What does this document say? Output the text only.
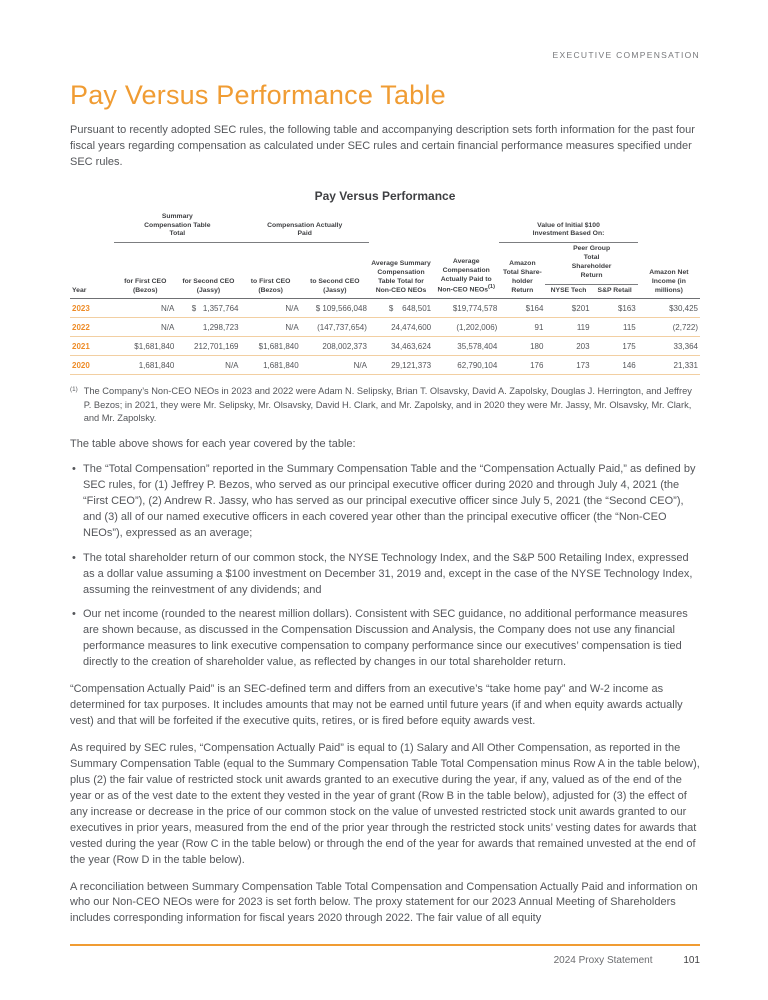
EXECUTIVE COMPENSATION
Pay Versus Performance Table

Pursuant to recently adopted SEC rules, the following table and accompanying description sets forth information for the past four fiscal years regarding compensation as calculated under SEC rules and certain financial performance measures specified under SEC rules.

Pay Versus Performance
Year	Summary Compensation Table Total		Compensation Actually Paid		Average Summary Compensation Table Total for Non-CEO NEOs	Average Compensation Actually Paid to Non-CEO NEOs$^{(1)}$	Value of Initial $100 Investment Based On:			Amazon Net Income (in millions)
	for First CEO (Bezos)	for Second CEO (Jassy)	to First CEO (Bezos)	to Second CEO (Jassy)			Amazon Total Share-holder Return	Peer Group Total Shareholder Return		
								NYSE Tech	S&P Retail	
2023	N/A	$   1,357,764	N/A	$ 109,566,048	$    648,501	$19,774,578	$164	$201	$163	$30,425
2022	N/A	1,298,723	N/A	(147,737,654)	24,474,600	(1,202,006)	91	119	115	(2,722)
2021	$1,681,840	212,701,169	$1,681,840	208,002,373	34,463,624	35,578,404	180	203	175	33,364
2020	1,681,840	N/A	1,681,840	N/A	29,121,373	62,790,104	176	173	146	21,331
(1) The Company’s Non-CEO NEOs in 2023 and 2022 were Adam N. Selipsky, Brian T. Olsavsky, David A. Zapolsky, Douglas J. Herrington, and Jeffrey P. Bezos; in 2021, they were Mr. Selipsky, Mr. Olsavsky, David H. Clark, and Mr. Zapolsky, and in 2020 they were Mr. Jassy, Mr. Olsavsky, Mr. Clark, and Mr. Zapolsky.

The table above shows for each year covered by the table:

• The “Total Compensation” reported in the Summary Compensation Table and the “Compensation Actually Paid,” as defined by SEC rules, for (1) Jeffrey P. Bezos, who served as our principal executive officer during 2020 and through July 4, 2021 (the “First CEO”), (2) Andrew R. Jassy, who has served as our principal executive officer since July 5, 2021 (the “Second CEO”), and (3) all of our named executive officers in each covered year other than the principal executive officer (the “Non-CEO NEOs”), expressed as an average;
• The total shareholder return of our common stock, the NYSE Technology Index, and the S&P 500 Retailing Index, expressed as a dollar value assuming a $100 investment on December 31, 2019 and, except in the case of the NYSE Technology Index, assuming the reinvestment of any dividends; and
• Our net income (rounded to the nearest million dollars). Consistent with SEC guidance, no additional performance measures are shown because, as discussed in the Compensation Discussion and Analysis, the Company does not use any financial performance measures to link executive compensation to company performance since our executives’ compensation is tied directly to the creation of shareholder value, as reflected by changes in our total shareholder return.

“Compensation Actually Paid” is an SEC-defined term and differs from an executive’s “take home pay” and W-2 income as determined for tax purposes. It includes amounts that may not be earned until future years (if and when equity awards actually vest) and that will be forfeited if the executive quits, retires, or is fired before equity awards vest.

As required by SEC rules, “Compensation Actually Paid” is equal to (1) Salary and All Other Compensation, as reported in the Summary Compensation Table (equal to the Summary Compensation Table Total Compensation minus Row A in the table below), plus (2) the fair value of restricted stock unit awards granted to an executive during the year, if any, valued as of the end of the year or as of the vest date to the extent they vested in the year of grant (Row B in the table below), adjusted for (3) the effect of any increase or decrease in the price of our common stock on the value of unvested restricted stock unit awards granted to our executives in prior years, measured from the end of the prior year through the restricted stock units’ vesting dates for awards that vested during the year (Row C in the table below) or through the end of the year for awards that remained unvested at the end of the year (Row D in the table below).

A reconciliation between Summary Compensation Table Total Compensation and Compensation Actually Paid and information on who our Non-CEO NEOs were for 2023 is set forth below. The proxy statement for our 2023 Annual Meeting of Shareholders includes corresponding information for fiscal years 2020 through 2022. The fair value of all equity

2024 Proxy Statement	101
